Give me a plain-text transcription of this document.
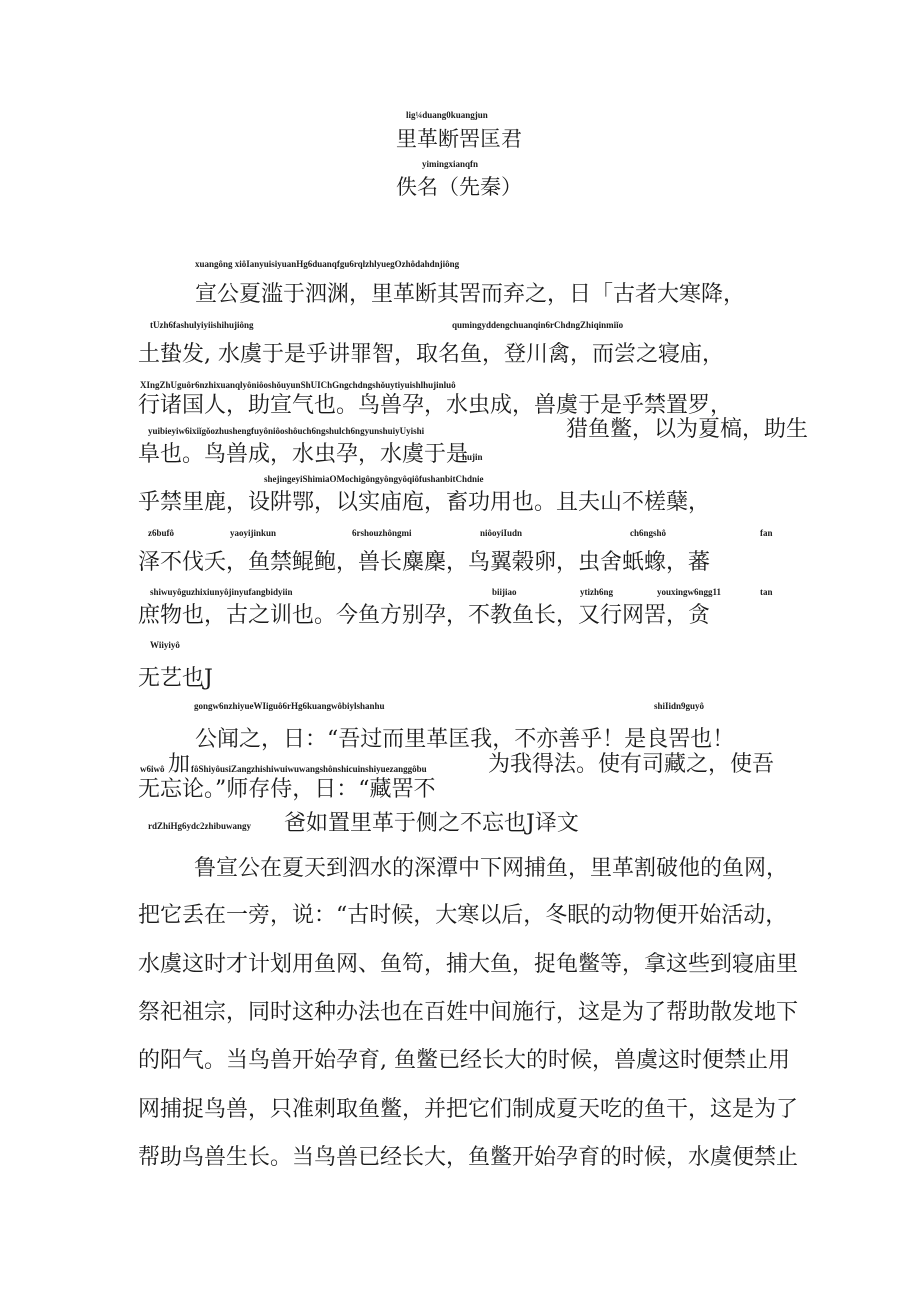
lig¼duang0kuangjun
里革断罟匡君
yimingxianqfn
佚名（先秦）
xuangông xiôIanyuisiyuanHg6duanqfgu6rqlzhlyuegOzhôdahdnjiông
宣公夏滥于泗渊，里革断其罟而弃之，日「古者大寒降，
tUzh6fashulyiyiishihujiông	qumingyddengchuanqin6rChdngZhiqinmiǐo
土蛰发, 水虞于是乎讲罪智，取名鱼，登川禽，而尝之寝庙，
XIngZhUguôr6nzhixuanqlyôniôoshǒuyunShUIChGngchdngshǒuytiyuishlhujinluô
行诸国人，助宣气也。鸟兽孕，水虫成，兽虞于是乎禁置罗，
yuibieyiw6ixiǐgǒozhushengfuyôniôoshôuch6ngshulch6ngyunshuiyUyishi	猎鱼鳖，以为夏槁，助生
阜也。鸟兽成，水虫孕，水虞于是
hujin
shejingeyiShimiaOMochigôngyôngyôqiôfushanbitChdnie
乎禁里鹿，设阱鄂，以实庙庖，畜功用也。且夫山不槎蘖，
z6bufô	yaoyijinkun	6rshouzhôngmi	niôoyiIudn	ch6ngshô	fan
泽不伐夭，鱼禁鲲鲍，兽长麋麇，鸟翼榖卵，虫舍蚔蟓，蕃
shiwuyôguzhixiunyôjinyufangbidyiin	biijiao	ytizh6ng	youxingw6ngg11	tan
庶物也，古之训也。今鱼方别孕，不教鱼长，又行网罟，贪
Wiiyiyô
无艺也J
gongw6nzhiyueWIiguô6rHg6kuangwôbiylshanhu	shiIidn9guyô
公闻之，日：“吾过而里革匡我，不亦善乎！是良罟也！
w6iwô 加 fôShiyôusiZangzhishiwuiwuwangshônshicuinshiyuezanggôbu	为我得法。使有司藏之，使吾
无忘论。”师存侍，日：“藏罟不
rdZhiHg6ydc2zhibuwangy 爸如置里革于侧之不忘也J译文
鲁宣公在夏天到泗水的深潭中下网捕鱼，里革割破他的鱼网，
把它丢在一旁，说：“古时候，大寒以后，冬眠的动物便开始活动，
水虞这时才计划用鱼网、鱼笱，捕大鱼，捉龟鳖等，拿这些到寝庙里
祭祀祖宗，同时这种办法也在百姓中间施行，这是为了帮助散发地下
的阳气。当鸟兽开始孕育, 鱼鳖已经长大的时候，兽虞这时便禁止用
网捕捉鸟兽，只准刺取鱼鳖，并把它们制成夏天吃的鱼干，这是为了
帮助鸟兽生长。当鸟兽已经长大，鱼鳖开始孕育的时候，水虞便禁止
